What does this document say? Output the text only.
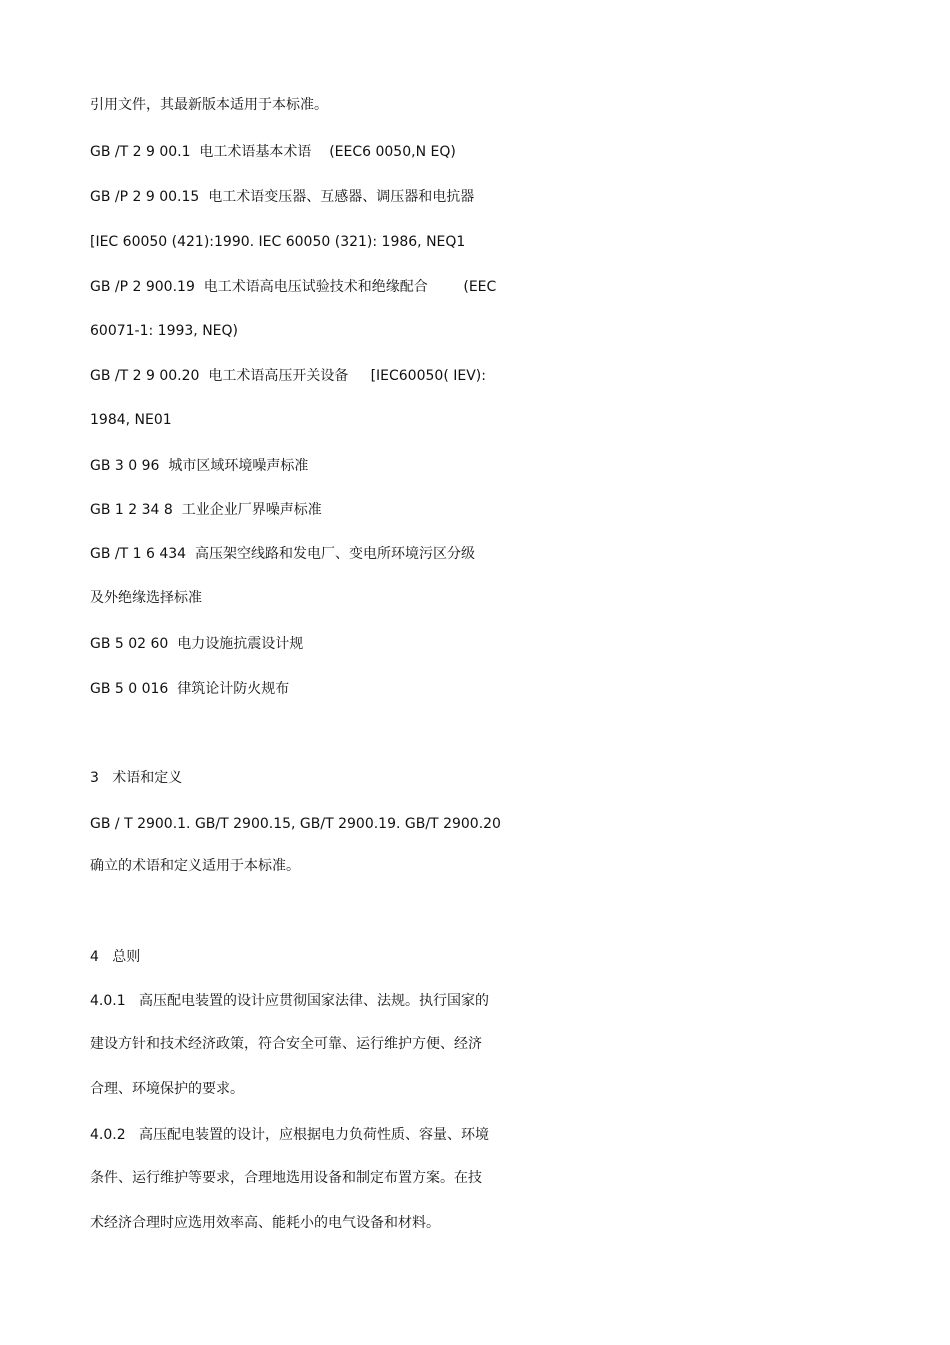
引用文件，其最新版本适用于本标准。
GB /T 2 9 00.1  电工术语基本术语    (EEC6 0050,N EQ)
GB /P 2 9 00.15  电工术语变压器、互感器、调压器和电抗器
[IEC 60050 (421):1990. IEC 60050 (321): 1986, NEQ1
GB /P 2 900.19  电工术语高电压试验技术和绝缘配合        (EEC
60071-1: 1993, NEQ)
GB /T 2 9 00.20  电工术语高压开关设备     [IEC60050( IEV):
1984, NE01
GB 3 0 96  城市区域环境噪声标准
GB 1 2 34 8  工业企业厂界噪声标准
GB /T 1 6 434  高压架空线路和发电厂、变电所环境污区分级
及外绝缘选择标准
GB 5 02 60  电力设施抗震设计规
GB 5 0 016  律筑论计防火规布
3   术语和定义
GB / T 2900.1. GB/T 2900.15, GB/T 2900.19. GB/T 2900.20
确立的术语和定义适用于本标准。
4   总则
4.0.1   高压配电装置的设计应贯彻国家法律、法规。执行国家的
建设方针和技术经济政策，符合安全可靠、运行维护方便、经济
合理、环境保护的要求。
4.0.2   高压配电装置的设计，应根据电力负荷性质、容量、环境
条件、运行维护等要求，合理地选用设备和制定布置方案。在技
术经济合理时应选用效率高、能耗小的电气设备和材料。
